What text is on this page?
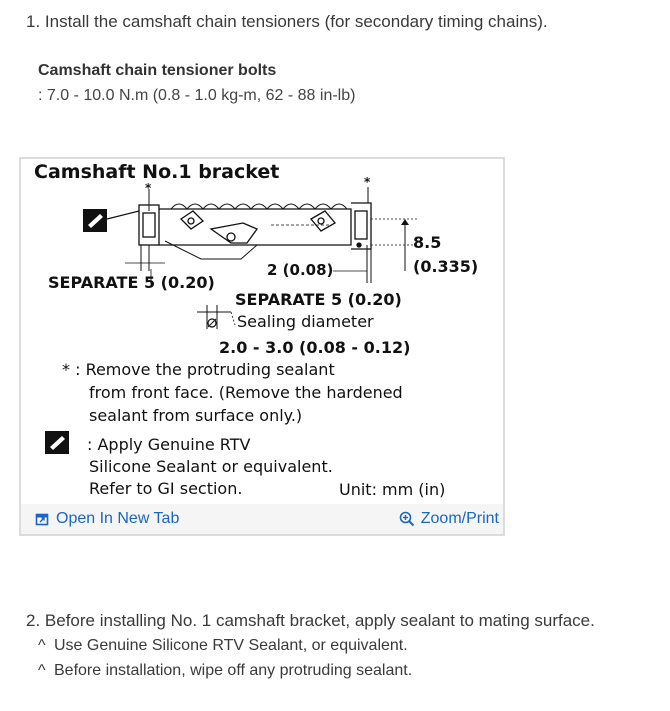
1. Install the camshaft chain tensioners (for secondary timing chains).
Camshaft chain tensioner bolts
: 7.0 - 10.0 N.m (0.8 - 1.0 kg-m, 62 - 88 in-lb)
Camshaft No.1 bracket
*	*
8.5
(0.335)
2 (0.08)
SEPARATE 5 (0.20)
SEPARATE 5 (0.20)
Sealing diameter
2.0 - 3.0 (0.08 - 0.12)
* : Remove the protruding sealant
from front face. (Remove the hardened
sealant from surface only.)
: Apply Genuine RTV
Silicone Sealant or equivalent.
Refer to GI section.	Unit: mm (in)
Open In New Tab	Zoom/Print
2. Before installing No. 1 camshaft bracket, apply sealant to mating surface.
^ Use Genuine Silicone RTV Sealant, or equivalent.
^ Before installation, wipe off any protruding sealant.
